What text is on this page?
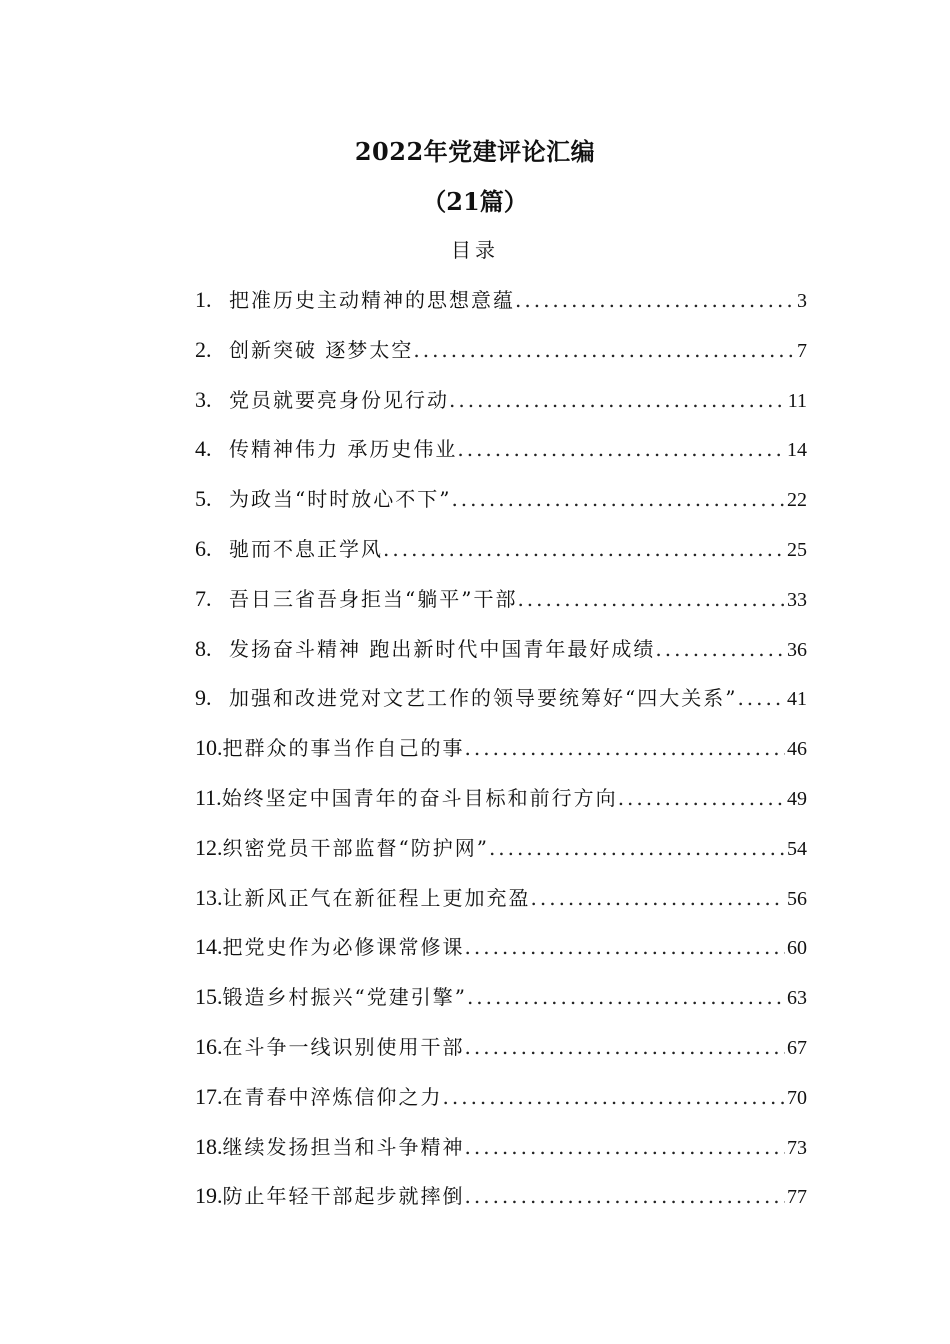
2022年党建评论汇编
（21篇）
目录
1. 把准历史主动精神的思想意蕴 .....	3
2. 创新突破 逐梦太空 .....	7
3. 党员就要亮身份见行动 .....	11
4. 传精神伟力 承历史伟业 .....	14
5. 为政当“时时放心不下” .....	22
6. 驰而不息正学风 .....	25
7. 吾日三省吾身拒当“躺平”干部 .....	33
8. 发扬奋斗精神 跑出新时代中国青年最好成绩 .....	36
9. 加强和改进党对文艺工作的领导要统筹好“四大关系” ..... 41
10. 把群众的事当作自己的事 .....	46
11. 始终坚定中国青年的奋斗目标和前行方向 .....	49
12. 织密党员干部监督“防护网” .....	54
13. 让新风正气在新征程上更加充盈 .....	56
14. 把党史作为必修课常修课 .....	60
15. 锻造乡村振兴“党建引擎” .....	63
16. 在斗争一线识别使用干部 .....	67
17. 在青春中淬炼信仰之力 .....	70
18. 继续发扬担当和斗争精神 .....	73
19. 防止年轻干部起步就摔倒 .....	77
